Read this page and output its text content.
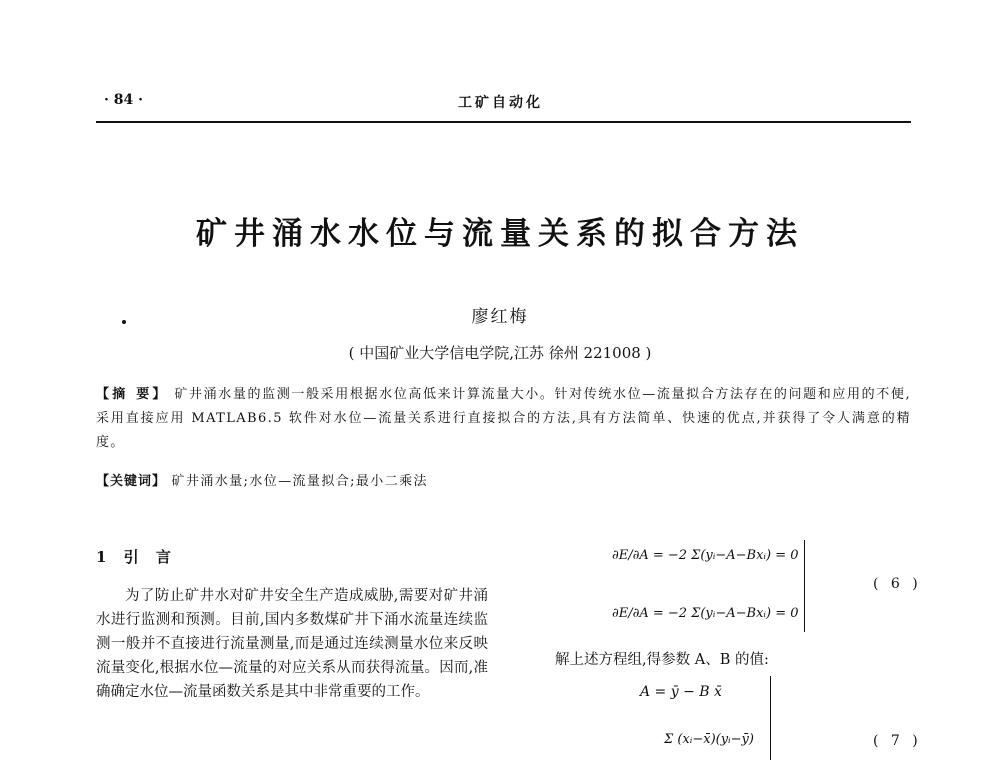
· 84 ·	工矿自动化
矿井涌水水位与流量关系的拟合方法
廖红梅
( 中国矿业大学信电学院,江苏 徐州 221008 )
【摘 要】 矿井涌水量的监测一般采用根据水位高低来计算流量大小。针对传统水位—流量拟合方法存在的问题和应用的不便,采用直接应用 MATLAB6.5 软件对水位—流量关系进行直接拟合的方法,具有方法简单、快速的优点,并获得了令人满意的精度。
【关键词】 矿井涌水量;水位—流量拟合;最小二乘法
1 引 言

为了防止矿井水对矿井安全生产造成威胁,需要对矿井涌水进行监测和预测。目前,国内多数煤矿井下涌水流量连续监测一般并不直接进行流量测量,而是通过连续测量水位来反映流量变化,根据水位—流量的对应关系从而获得流量。因而,准确确定水位—流量函数关系是其中非常重要的工作。

∂E/∂A = −2 Σ(yᵢ−A−Bxᵢ) = 0
∂E/∂A = −2 Σ(yᵢ−A−Bxᵢ) = 0
( 6 )
解上述方程组,得参数 A、B 的值:
A = ȳ − B x̄
Σ (xᵢ−x̄)(yᵢ−ȳ)	( 7 )
